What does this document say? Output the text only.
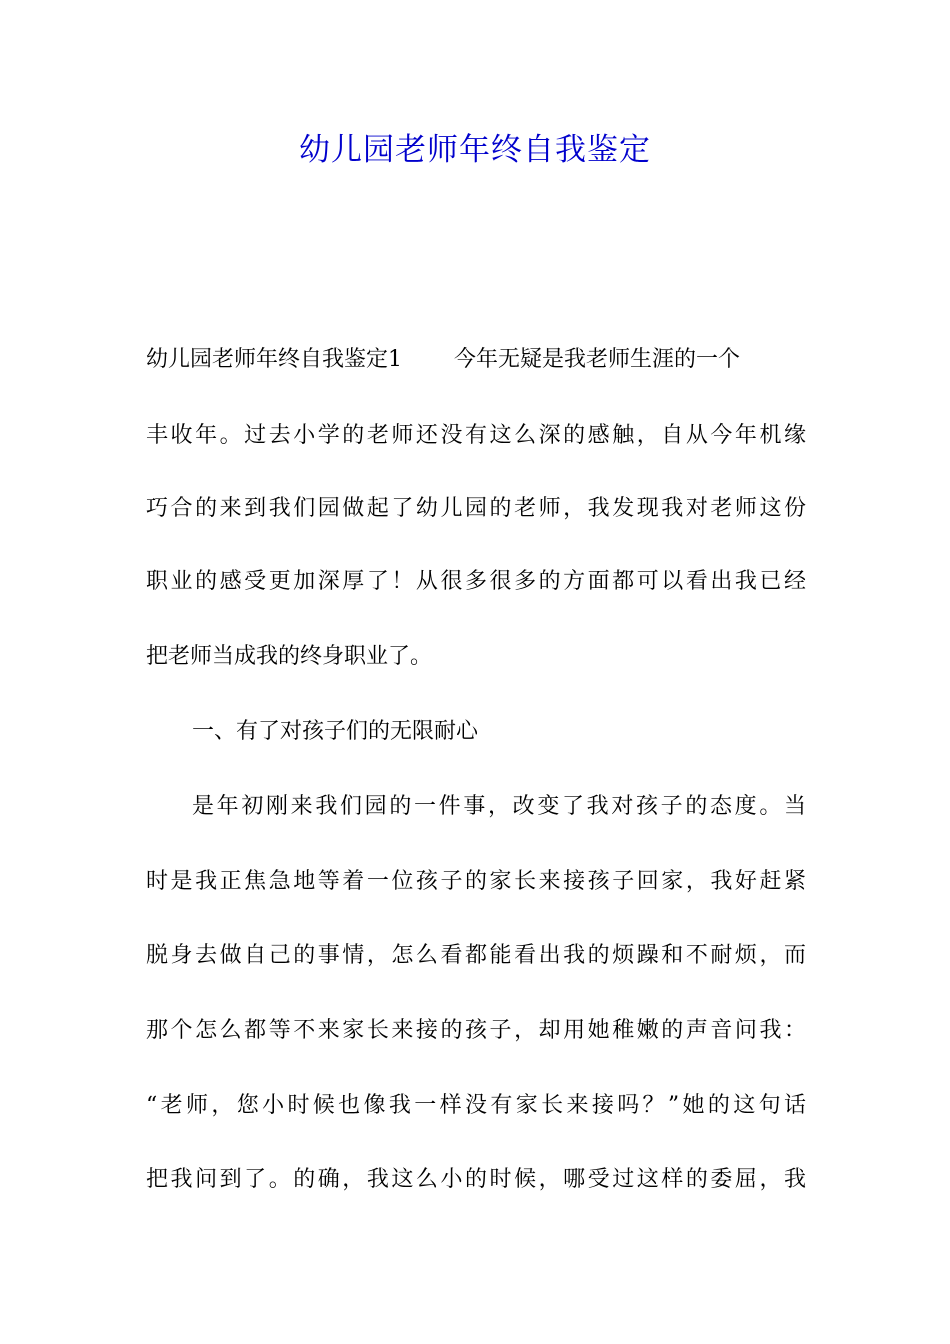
幼儿园老师年终自我鉴定
幼儿园老师年终自我鉴定1 今年无疑是我老师生涯的一个
丰收年。过去小学的老师还没有这么深的感触，自从今年机缘
巧合的来到我们园做起了幼儿园的老师，我发现我对老师这份
职业的感受更加深厚了！从很多很多的方面都可以看出我已经
把老师当成我的终身职业了。
一、有了对孩子们的无限耐心
是年初刚来我们园的一件事，改变了我对孩子的态度。当
时是我正焦急地等着一位孩子的家长来接孩子回家，我好赶紧
脱身去做自己的事情，怎么看都能看出我的烦躁和不耐烦，而
那个怎么都等不来家长来接的孩子，却用她稚嫩的声音问我：
“老师，您小时候也像我一样没有家长来接吗？”她的这句话
把我问到了。的确，我这么小的时候，哪受过这样的委屈，我
